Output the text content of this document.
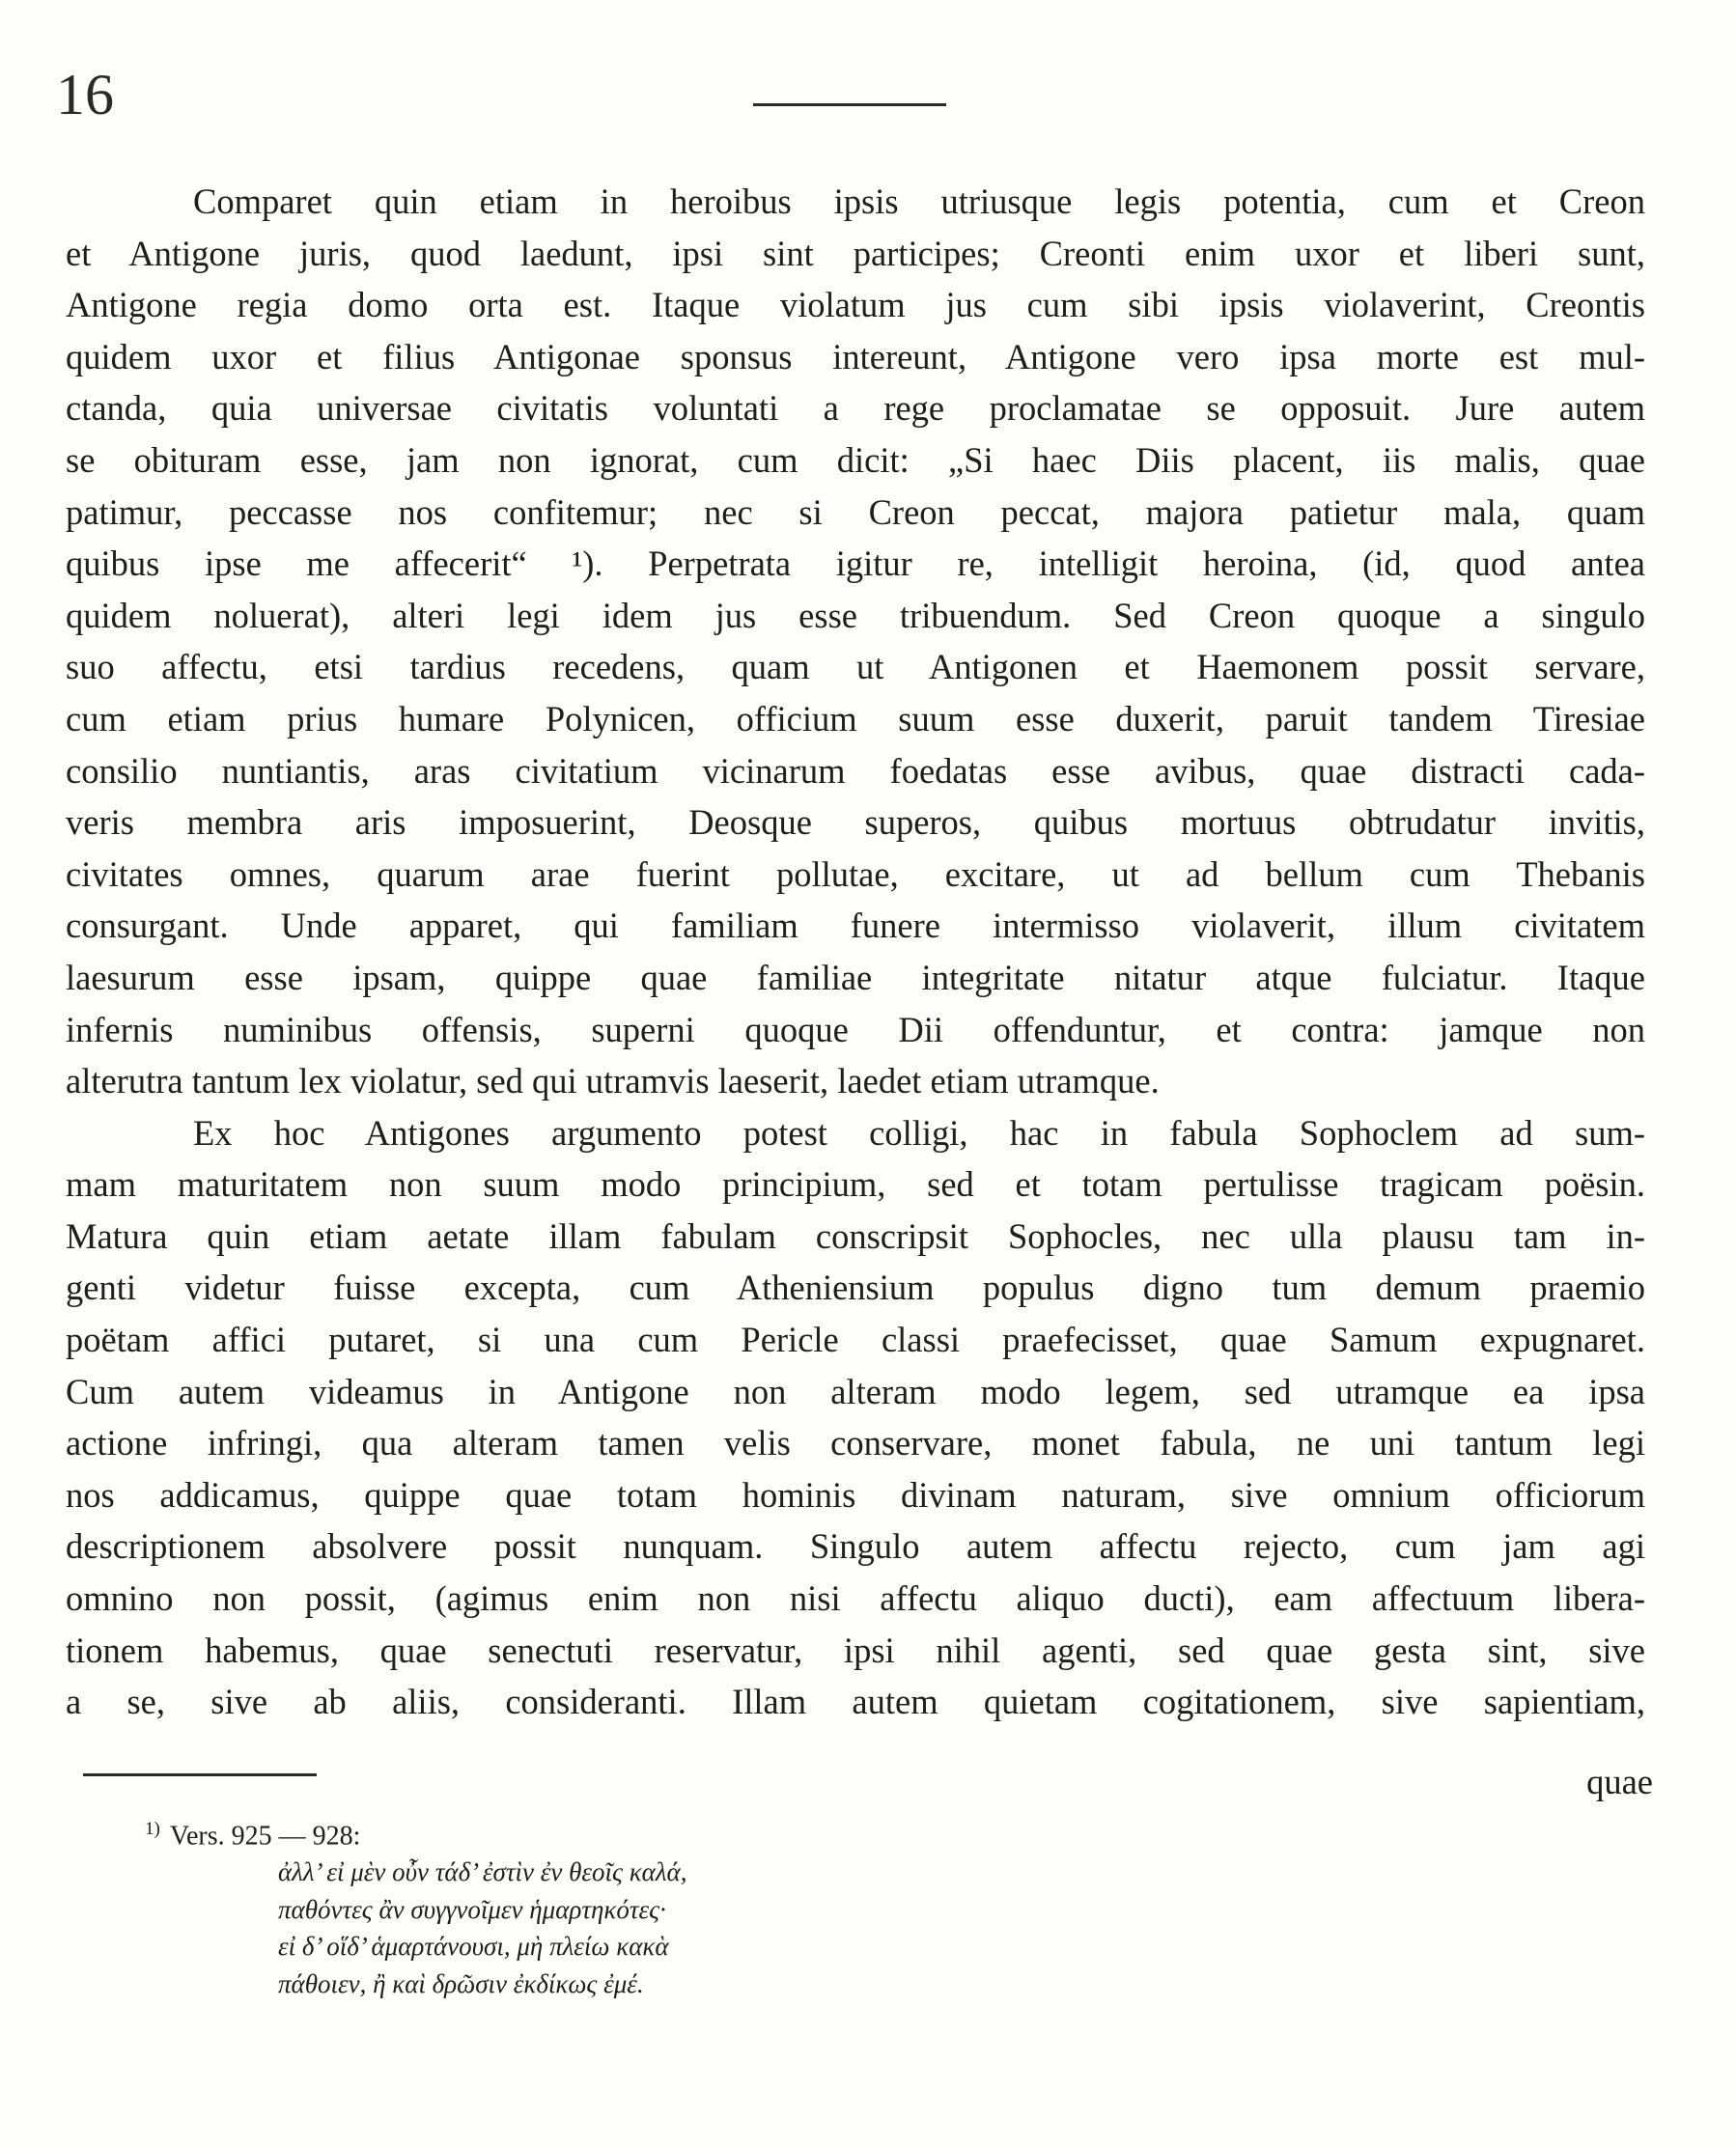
16
Comparet quin etiam in heroibus ipsis utriusque legis potentia, cum et Creon
et Antigone juris, quod laedunt, ipsi sint participes; Creonti enim uxor et liberi sunt,
Antigone regia domo orta est. Itaque violatum jus cum sibi ipsis violaverint, Creontis
quidem uxor et filius Antigonae sponsus intereunt, Antigone vero ipsa morte est mul-
ctanda, quia universae civitatis voluntati a rege proclamatae se opposuit. Jure autem
se obituram esse, jam non ignorat, cum dicit: „Si haec Diis placent, iis malis, quae
patimur, peccasse nos confitemur; nec si Creon peccat, majora patietur mala, quam
quibus ipse me affecerit“ ¹). Perpetrata igitur re, intelligit heroina, (id, quod antea
quidem noluerat), alteri legi idem jus esse tribuendum. Sed Creon quoque a singulo
suo affectu, etsi tardius recedens, quam ut Antigonen et Haemonem possit servare,
cum etiam prius humare Polynicen, officium suum esse duxerit, paruit tandem Tiresiae
consilio nuntiantis, aras civitatium vicinarum foedatas esse avibus, quae distracti cada-
veris membra aris imposuerint, Deosque superos, quibus mortuus obtrudatur invitis,
civitates omnes, quarum arae fuerint pollutae, excitare, ut ad bellum cum Thebanis
consurgant. Unde apparet, qui familiam funere intermisso violaverit, illum civitatem
laesurum esse ipsam, quippe quae familiae integritate nitatur atque fulciatur. Itaque
infernis numinibus offensis, superni quoque Dii offenduntur, et contra: jamque non
alterutra tantum lex violatur, sed qui utramvis laeserit, laedet etiam utramque.
Ex hoc Antigones argumento potest colligi, hac in fabula Sophoclem ad sum-
mam maturitatem non suum modo principium, sed et totam pertulisse tragicam poësin.
Matura quin etiam aetate illam fabulam conscripsit Sophocles, nec ulla plausu tam in-
genti videtur fuisse excepta, cum Atheniensium populus digno tum demum praemio
poëtam affici putaret, si una cum Pericle classi praefecisset, quae Samum expugnaret.
Cum autem videamus in Antigone non alteram modo legem, sed utramque ea ipsa
actione infringi, qua alteram tamen velis conservare, monet fabula, ne uni tantum legi
nos addicamus, quippe quae totam hominis divinam naturam, sive omnium officiorum
descriptionem absolvere possit nunquam. Singulo autem affectu rejecto, cum jam agi
omnino non possit, (agimus enim non nisi affectu aliquo ducti), eam affectuum libera-
tionem habemus, quae senectuti reservatur, ipsi nihil agenti, sed quae gesta sint, sive
a se, sive ab aliis, consideranti. Illam autem quietam cogitationem, sive sapientiam,
quae
$^{1)}$ Vers. 925 — 928:
ἀλλ’ εἰ μὲν οὖν τάδ’ ἐστὶν ἐν θεοῖς καλά,
παθόντες ἂν συγγνοῖμεν ἡμαρτηκότες·
εἰ δ’ οἵδ’ ἁμαρτάνουσι, μὴ πλείω κακὰ
πάθοιεν, ἢ καὶ δρῶσιν ἐκδίκως ἐμέ.
